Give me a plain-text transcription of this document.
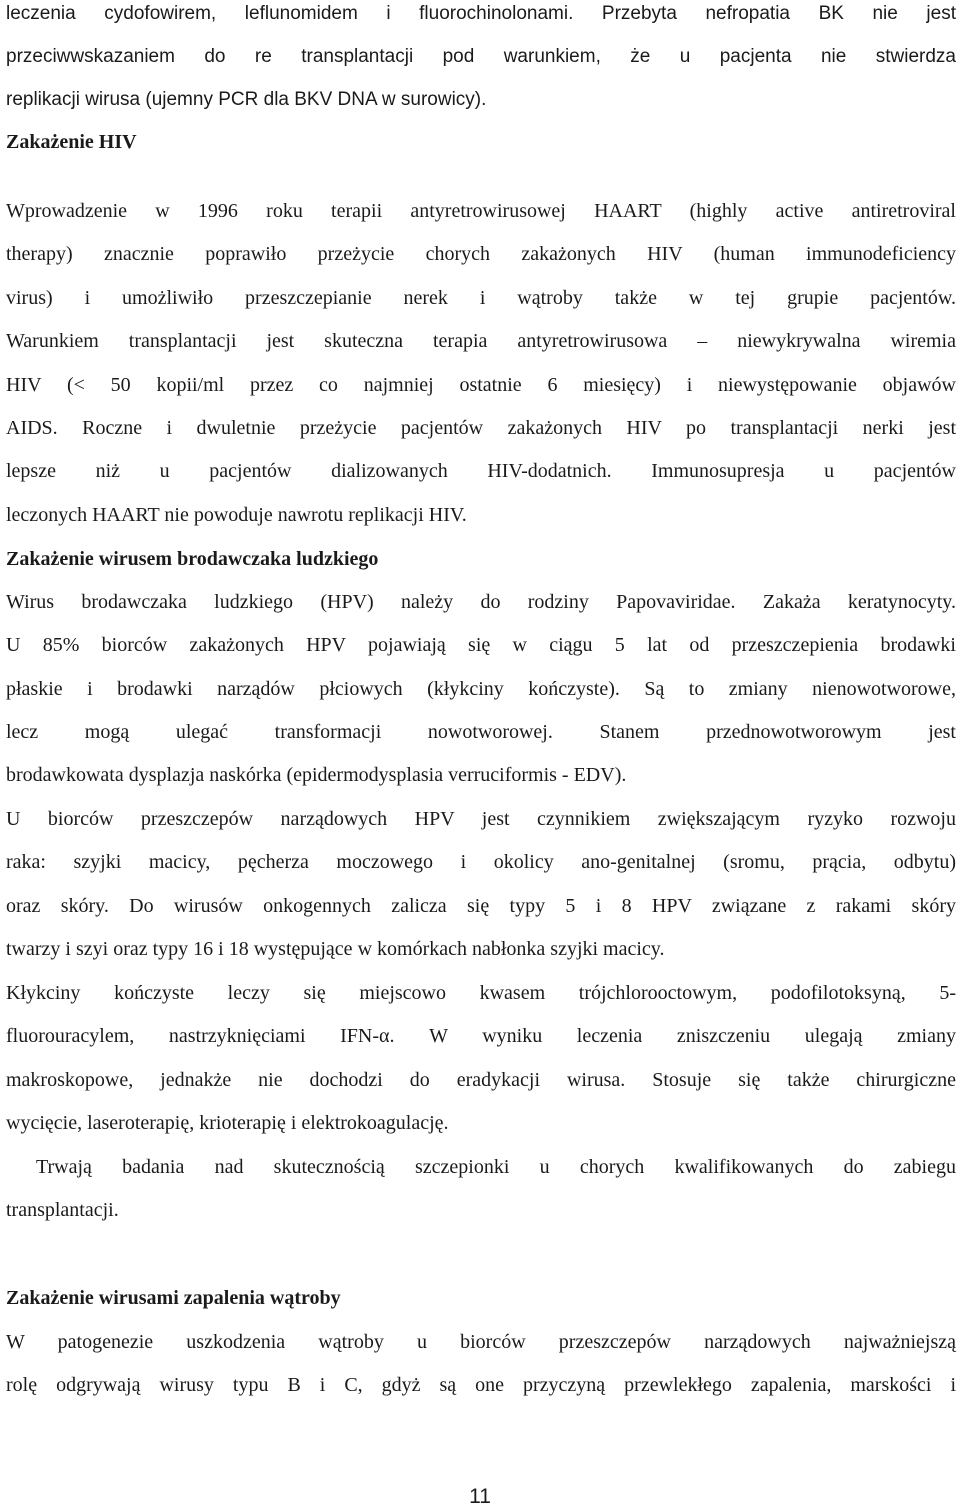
leczenia cydofowirem, leflunomidem i fluorochinolonami. Przebyta nefropatia BK nie jest
przeciwwskazaniem do re transplantacji pod warunkiem, że u pacjenta nie stwierdza
replikacji wirusa (ujemny PCR dla BKV DNA w surowicy).
Zakażenie HIV
Wprowadzenie w 1996 roku terapii antyretrowirusowej HAART (highly active antiretroviral
therapy) znacznie poprawiło przeżycie chorych zakażonych HIV (human immunodeficiency
virus) i umożliwiło przeszczepianie nerek i wątroby także w tej grupie pacjentów.
Warunkiem transplantacji jest skuteczna terapia antyretrowirusowa – niewykrywalna wiremia
HIV (< 50 kopii/ml przez co najmniej ostatnie 6 miesięcy) i niewystępowanie objawów
AIDS. Roczne i dwuletnie przeżycie pacjentów zakażonych HIV po transplantacji nerki jest
lepsze niż u pacjentów dializowanych HIV-dodatnich. Immunosupresja u pacjentów
leczonych HAART nie powoduje nawrotu replikacji HIV.
Zakażenie wirusem brodawczaka ludzkiego
Wirus brodawczaka ludzkiego (HPV) należy do rodziny Papovaviridae. Zakaża keratynocyty.
U 85% biorców zakażonych HPV pojawiają się w ciągu 5 lat od przeszczepienia brodawki
płaskie i brodawki narządów płciowych (kłykciny kończyste). Są to zmiany nienowotworowe,
lecz mogą ulegać transformacji nowotworowej. Stanem przednowotworowym jest
brodawkowata dysplazja naskórka (epidermodysplasia verruciformis - EDV).
U biorców przeszczepów narządowych HPV jest czynnikiem zwiększającym ryzyko rozwoju
raka: szyjki macicy, pęcherza moczowego i okolicy ano-genitalnej (sromu, prącia, odbytu)
oraz skóry. Do wirusów onkogennych zalicza się typy 5 i 8 HPV związane z rakami skóry
twarzy i szyi oraz typy 16 i 18 występujące w komórkach nabłonka szyjki macicy.
Kłykciny kończyste leczy się miejscowo kwasem trójchlorooctowym, podofilotoksyną, 5-
fluorouracylem, nastrzyknięciami IFN-α. W wyniku leczenia zniszczeniu ulegają zmiany
makroskopowe, jednakże nie dochodzi do eradykacji wirusa. Stosuje się także chirurgiczne
wycięcie, laseroterapię, krioterapię i elektrokoagulację.
Trwają badania nad skutecznością szczepionki u chorych kwalifikowanych do zabiegu
transplantacji.
Zakażenie wirusami zapalenia wątroby
W patogenezie uszkodzenia wątroby u biorców przeszczepów narządowych najważniejszą
rolę odgrywają wirusy typu B i C, gdyż są one przyczyną przewlekłego zapalenia, marskości i
11
